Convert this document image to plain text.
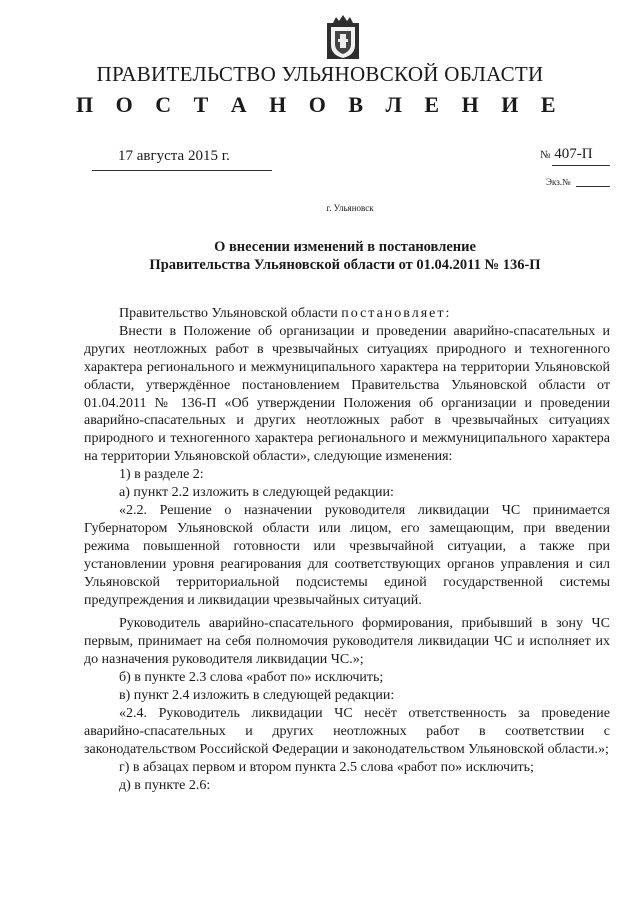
ПРАВИТЕЛЬСТВО УЛЬЯНОВСКОЙ ОБЛАСТИ
П О С Т А Н О В Л Е Н И Е
17 августа 2015 г.	№ 407-П
Экз.№
г. Ульяновск
О внесении изменений в постановление
Правительства Ульяновской области от 01.04.2011 № 136-П

Правительство Ульяновской области постановляет:

Внести в Положение об организации и проведении аварийно-спасательных и других неотложных работ в чрезвычайных ситуациях природного и техногенного характера регионального и межмуниципального характера на территории Ульяновской области, утверждённое постановлением Правительства Ульяновской области от 01.04.2011 № 136-П «Об утверждении Положения об организации и проведении аварийно-спасательных и других неотложных работ в чрезвычайных ситуациях природного и техногенного характера регионального и межмуниципального характера на территории Ульяновской области», следующие изменения:

1) в разделе 2:

а) пункт 2.2 изложить в следующей редакции:

«2.2. Решение о назначении руководителя ликвидации ЧС принимается Губернатором Ульяновской области или лицом, его замещающим, при введении режима повышенной готовности или чрезвычайной ситуации, а также при установлении уровня реагирования для соответствующих органов управления и сил Ульяновской территориальной подсистемы единой государственной системы предупреждения и ликвидации чрезвычайных ситуаций.

Руководитель аварийно-спасательного формирования, прибывший в зону ЧС первым, принимает на себя полномочия руководителя ликвидации ЧС и исполняет их до назначения руководителя ликвидации ЧС.»;

б) в пункте 2.3 слова «работ по» исключить;

в) пункт 2.4 изложить в следующей редакции:

«2.4. Руководитель ликвидации ЧС несёт ответственность за проведение аварийно-спасательных и других неотложных работ в соответствии с законодательством Российской Федерации и законодательством Ульяновской области.»;

г) в абзацах первом и втором пункта 2.5 слова «работ по» исключить;

д) в пункте 2.6:
